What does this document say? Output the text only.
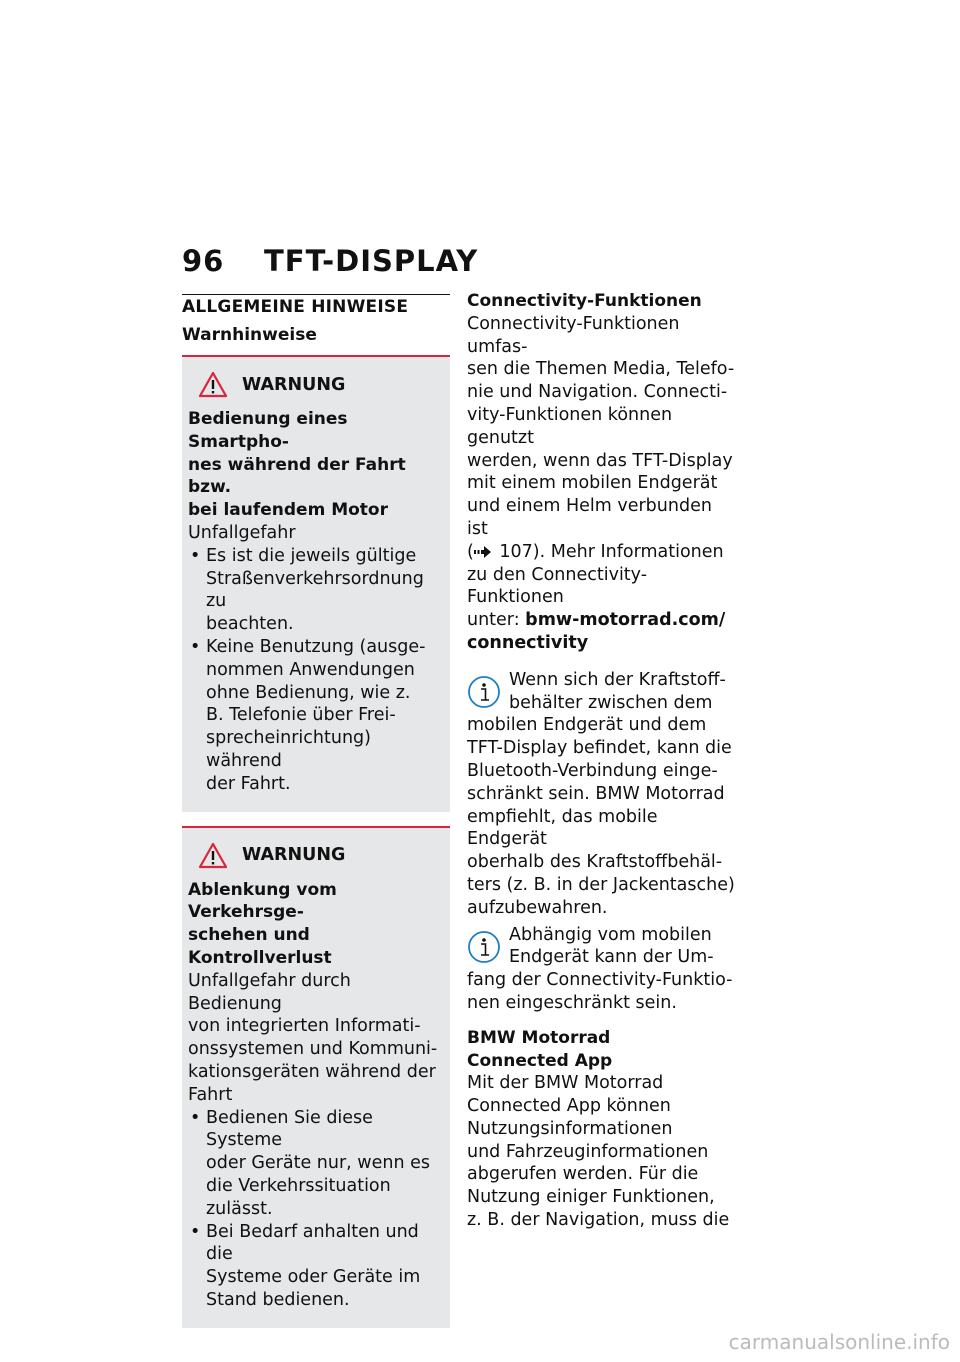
96 TFT-DISPLAY
ALLGEMEINE HINWEISE
Warnhinweise
WARNUNG
Bedienung eines Smartpho-
nes während der Fahrt bzw.
bei laufendem Motor
Unfallgefahr
• Es ist die jeweils gültige
Straßenverkehrsordnung zu
beachten.
• Keine Benutzung (ausge-
nommen Anwendungen
ohne Bedienung, wie z.
B. Telefonie über Frei-
sprecheinrichtung) während
der Fahrt.
WARNUNG
Ablenkung vom Verkehrsge-
schehen und Kontrollverlust
Unfallgefahr durch Bedienung
von integrierten Informati-
onssystemen und Kommuni-
kationsgeräten während der
Fahrt
• Bedienen Sie diese Systeme
oder Geräte nur, wenn es
die Verkehrssituation zulässt.
• Bei Bedarf anhalten und die
Systeme oder Geräte im
Stand bedienen.
Connectivity-Funktionen
Connectivity-Funktionen umfas-
sen die Themen Media, Telefo-
nie und Navigation. Connecti-
vity-Funktionen können genutzt
werden, wenn das TFT-Display
mit einem mobilen Endgerät
und einem Helm verbunden ist
( 107). Mehr Informationen
zu den Connectivity-Funktionen
unter: bmw-motorrad.com/
connectivity
Wenn sich der Kraftstoff-
behälter zwischen dem
mobilen Endgerät und dem
TFT-Display befindet, kann die
Bluetooth-Verbindung einge-
schränkt sein. BMW Motorrad
empfiehlt, das mobile Endgerät
oberhalb des Kraftstoffbehäl-
ters (z. B. in der Jackentasche)
aufzubewahren.
Abhängig vom mobilen
Endgerät kann der Um-
fang der Connectivity-Funktio-
nen eingeschränkt sein.
BMW Motorrad
Connected App
Mit der BMW Motorrad
Connected App können
Nutzungsinformationen
und Fahrzeuginformationen
abgerufen werden. Für die
Nutzung einiger Funktionen,
z. B. der Navigation, muss die
carmanualsonline.info
